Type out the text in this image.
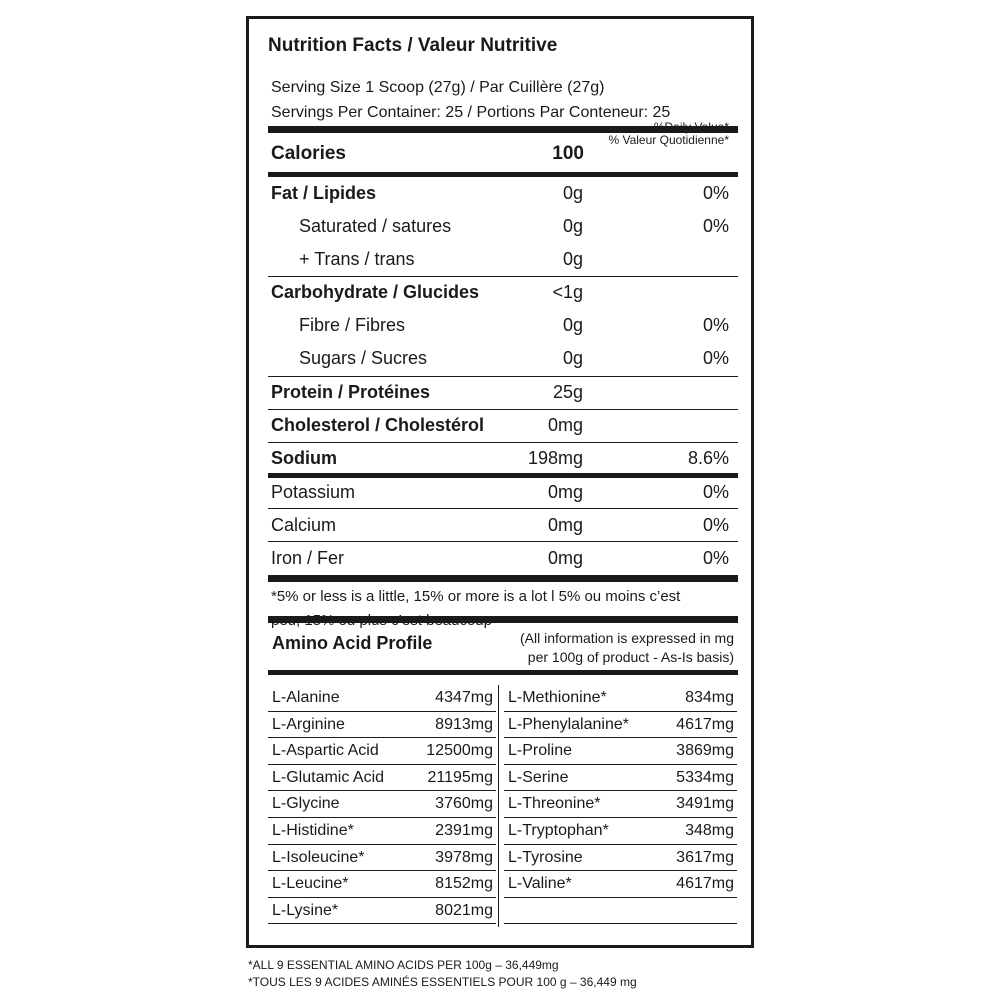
Nutrition Facts / Valeur Nutritive
Serving Size 1 Scoop (27g) / Par Cuillère (27g)
Servings Per Container: 25 / Portions Par Conteneur: 25
Calories	100
%Daily Value*
% Valeur Quotidienne*
Fat / Lipides	0g	0%
Saturated / satures	0g	0%
+ Trans / trans	0g
Carbohydrate / Glucides	<1g
Fibre / Fibres	0g	0%
Sugars / Sucres	0g	0%
Protein / Protéines	25g
Cholesterol / Cholestérol	0mg
Sodium	198mg	8.6%
Potassium	0mg	0%
Calcium	0mg	0%
Iron / Fer	0mg	0%
*5% or less is a little, 15% or more is a lot l 5% ou moins c’est
Amino Acid Profile	(All information is expressed in mg
per 100g of product - As-Is basis)
L-Alanine	4347mg
L-Arginine	8913mg
L-Aspartic Acid	12500mg
L-Glutamic Acid	21195mg
L-Glycine	3760mg
L-Histidine*	2391mg
L-Isoleucine*	3978mg
L-Leucine*	8152mg
L-Lysine*	8021mg
L-Methionine*	834mg
L-Phenylalanine*	4617mg
L-Proline	3869mg
L-Serine	5334mg
L-Threonine*	3491mg
L-Tryptophan*	348mg
L-Tyrosine	3617mg
L-Valine*	4617mg
*ALL 9 ESSENTIAL AMINO ACIDS PER 100g – 36,449mg
*TOUS LES 9 ACIDES AMINÉS ESSENTIELS POUR 100 g – 36,449 mg
